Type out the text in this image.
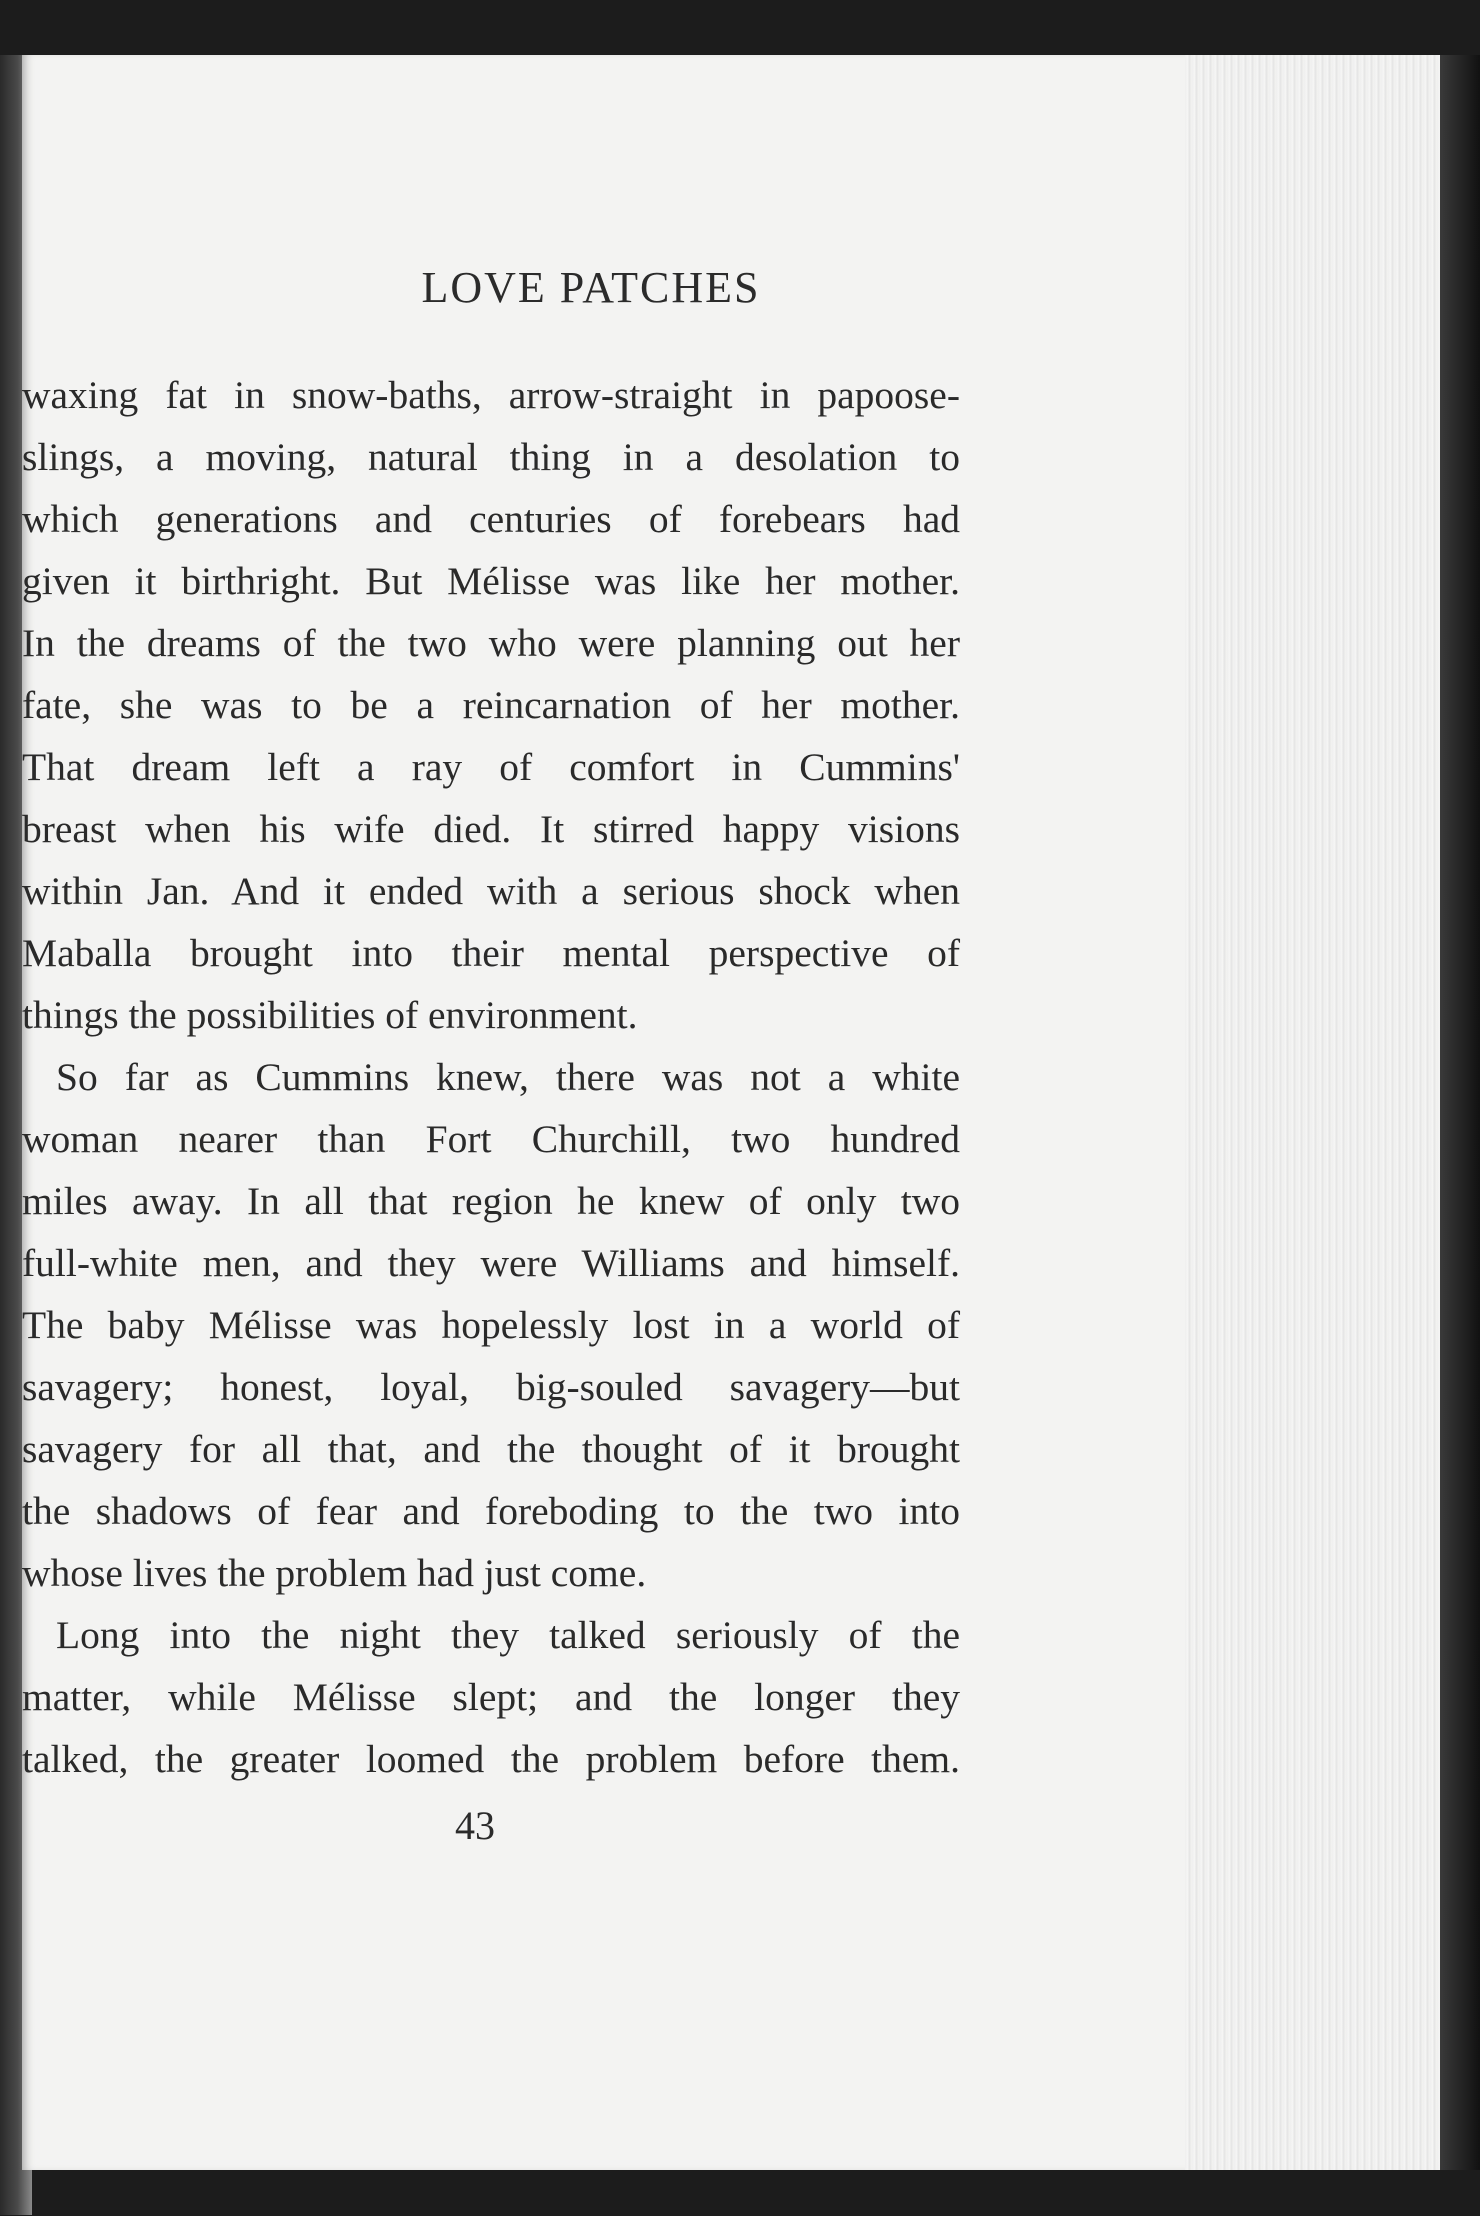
LOVE PATCHES
waxing fat in snow-baths, arrow-straight in papoose-
slings, a moving, natural thing in a desolation to
which generations and centuries of forebears had
given it birthright. But Mélisse was like her mother.
In the dreams of the two who were planning out her
fate, she was to be a reincarnation of her mother.
That dream left a ray of comfort in Cummins'
breast when his wife died. It stirred happy visions
within Jan. And it ended with a serious shock when
Maballa brought into their mental perspective of
things the possibilities of environment.
So far as Cummins knew, there was not a white
woman nearer than Fort Churchill, two hundred
miles away. In all that region he knew of only two
full-white men, and they were Williams and himself.
The baby Mélisse was hopelessly lost in a world of
savagery; honest, loyal, big-souled savagery—but
savagery for all that, and the thought of it brought
the shadows of fear and foreboding to the two into
whose lives the problem had just come.
Long into the night they talked seriously of the
matter, while Mélisse slept; and the longer they
talked, the greater loomed the problem before them.
43
